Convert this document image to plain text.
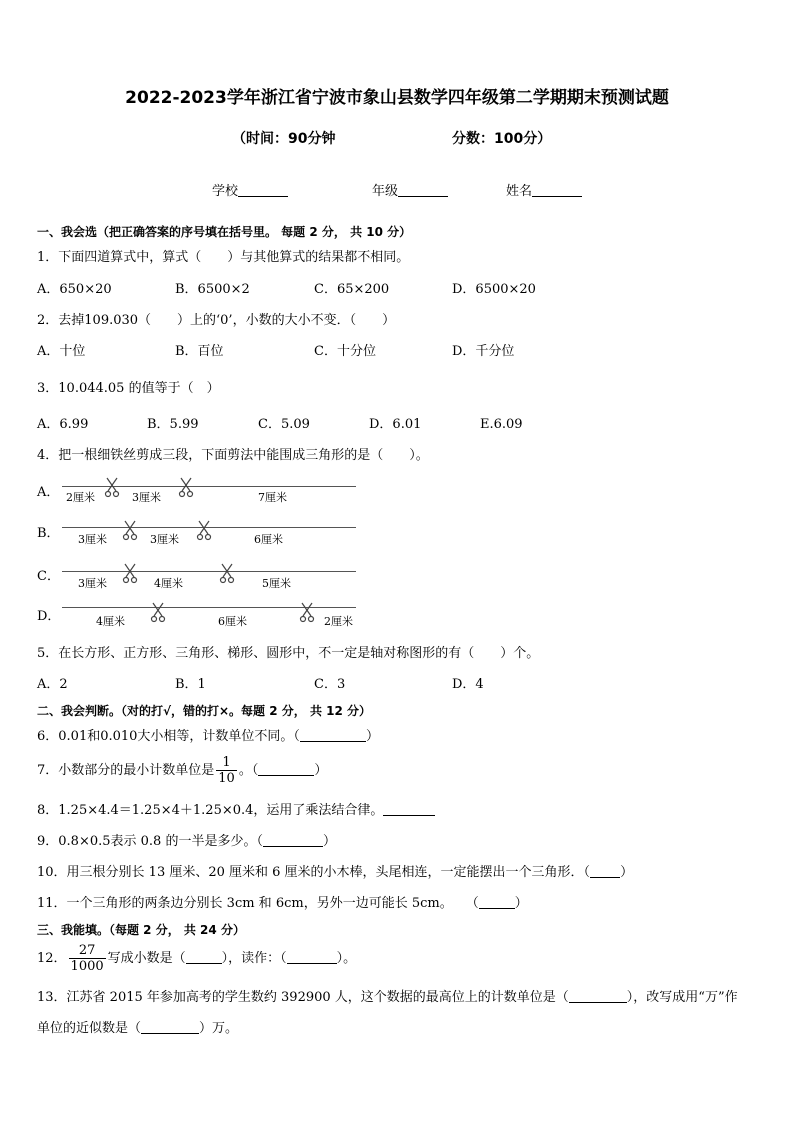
2022-2023学年浙江省宁波市象山县数学四年级第二学期期末预测试题
（时间：90分钟	分数：100分）
学校	年级	姓名
一、我会选（把正确答案的序号填在括号里。 每题 2 分， 共 10 分）
1．下面四道算式中，算式（　　）与其他算式的结果都不相同。
A．650×20	B．6500×2	C．65×200	D．6500×20
2．去掉109.030（　　）上的‘0’，小数的大小不变．（　　）
A．十位	B．百位	C．十分位	D．千分位
3．10.044.05 的值等于（　）
A．6.99	B．5.99	C．5.09	D．6.01	E.6.09
4．把一根细铁丝剪成三段，下面剪法中能围成三角形的是（　　）。
A． 2厘米	3厘米	7厘米
B． 3厘米	3厘米	6厘米
C． 3厘米	4厘米	5厘米
D．	4厘米	6厘米	2厘米
5．在长方形、正方形、三角形、梯形、圆形中，不一定是轴对称图形的有（　　）个。
A．2	B．1	C．3	D．4
二、我会判断。（对的打√，错的打×。每题 2 分， 共 12 分）
6．0.01和0.010大小相等，计数单位不同。（	）
7．小数部分的最小计数单位是 $\frac{1}{10}$ 。（	）
8．1.25×4.4＝1.25×4＋1.25×0.4，运用了乘法结合律。
9．0.8×0.5表示 0.8 的一半是多少。（	）
10．用三根分别长 13 厘米、20 厘米和 6 厘米的小木棒，头尾相连，一定能摆出一个三角形．（ ）
11．一个三角形的两条边分别长 3cm 和 6cm，另外一边可能长 5cm。　　（	）
三、我能填。（每题 2 分， 共 24 分）
12． $\frac{27}{1000}$ 写成小数是（	），读作：（	）。
13．江苏省 2015 年参加高考的学生数约 392900 人，这个数据的最高位上的计数单位是（	），改写成用“万”作
单位的近似数是（	）万。
